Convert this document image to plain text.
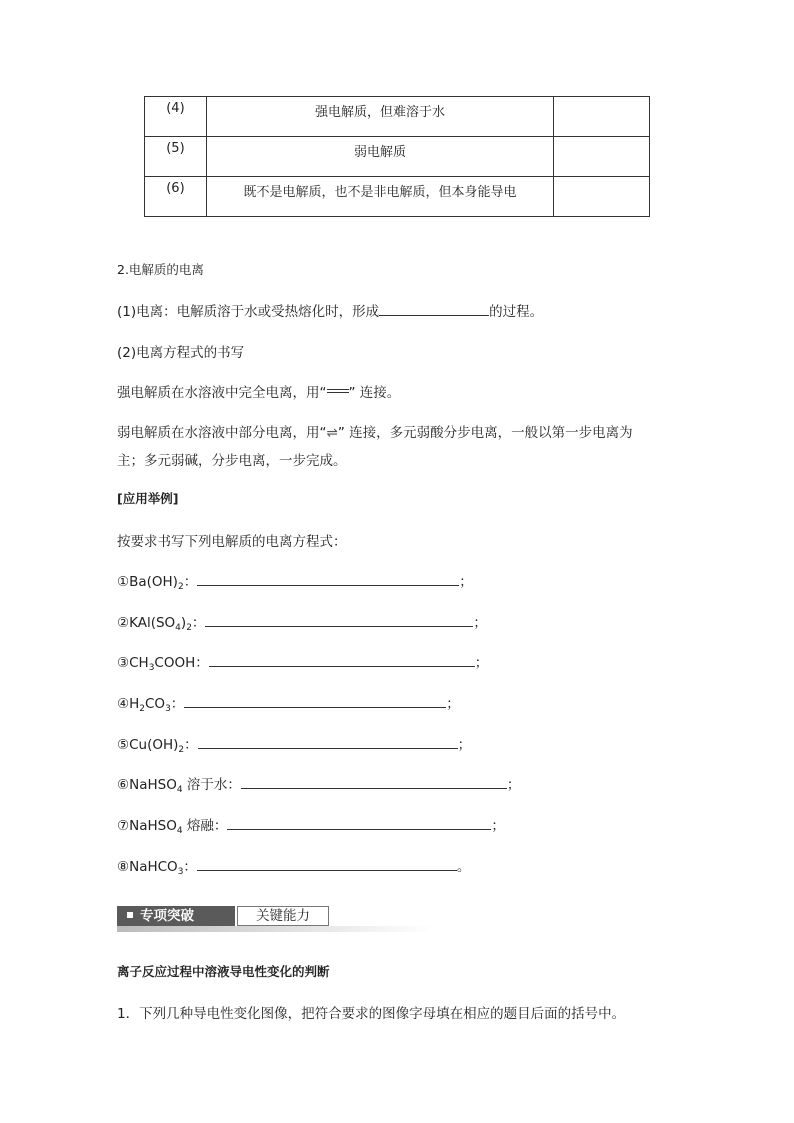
(4)	强电解质，但难溶于水	
(5)	弱电解质	
(6)	既不是电解质，也不是非电解质，但本身能导电	
2.电解质的电离
(1)电离：电解质溶于水或受热熔化时，形成	的过程。
(2)电离方程式的书写
强电解质在水溶液中完全电离，用“ ” 连接。
弱电解质在水溶液中部分电离，用“⇌” 连接，多元弱酸分步电离，一般以第一步电离为
主；多元弱碱，分步电离，一步完成。
[应用举例]
按要求书写下列电解质的电离方程式：
$①Ba(OH)_2$：	；
$②KAl(SO_4)_2$：	；
$③CH_3COOH$：	；
$④H_2CO_3$：	；
$⑤Cu(OH)_2$：	；
⑥NaHSO$_4$ 溶于水：	；
⑦NaHSO$_4$ 熔融：	；
⑧NaHCO$_3$：	。
专项突破	关键能力
离子反应过程中溶液导电性变化的判断
1．下列几种导电性变化图像，把符合要求的图像字母填在相应的题目后面的括号中。
